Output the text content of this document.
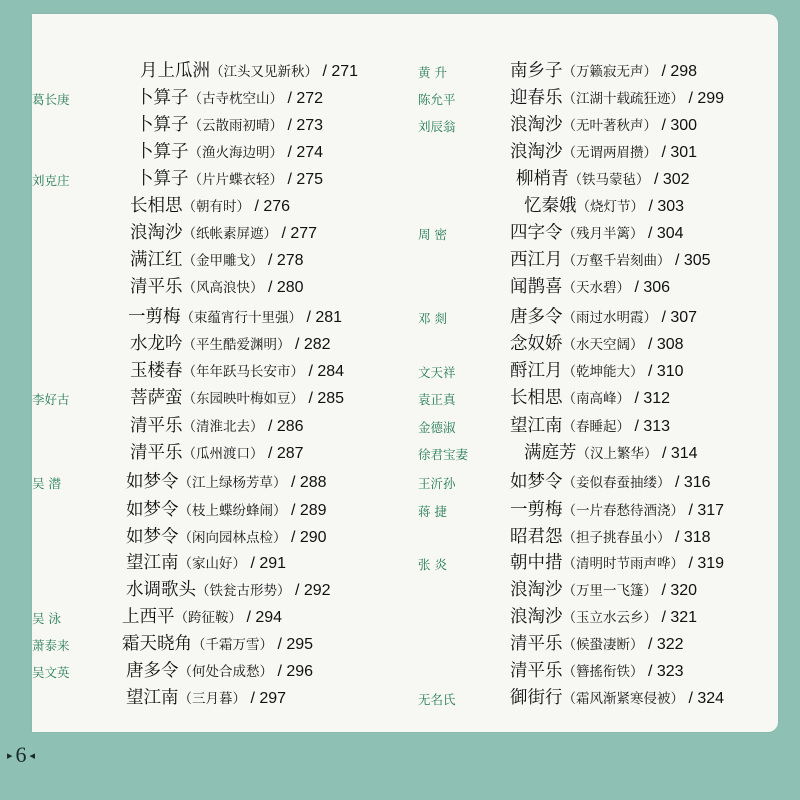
月上瓜洲（江头又见新秋） / 271
葛长庚	卜算子（古寺枕空山） / 272
卜算子（云散雨初晴） / 273
卜算子（渔火海边明） / 274
刘克庄	卜算子（片片蝶衣轻） / 275
长相思（朝有时） / 276
浪淘沙（纸帐素屏遮） / 277
满江红（金甲雕戈） / 278
清平乐（风高浪快） / 280
一剪梅（束蕴宵行十里强） / 281
水龙吟（平生酷爱渊明） / 282
玉楼春（年年跃马长安市） / 284
李好古	菩萨蛮（东园映叶梅如豆） / 285
清平乐（清淮北去） / 286
清平乐（瓜州渡口） / 287
吴潜	如梦令（江上绿杨芳草） / 288
如梦令（枝上蝶纷蜂闹） / 289
如梦令（闲向园林点检） / 290
望江南（家山好） / 291
水调歌头（铁瓮古形势） / 292
吴泳	上西平（跨征鞍） / 294
萧泰来	霜天晓角（千霜万雪） / 295
吴文英	唐多令（何处合成愁） / 296
望江南（三月暮） / 297
黄升	南乡子（万籁寂无声） / 298
陈允平	迎春乐（江湖十载疏狂迹） / 299
刘辰翁	浪淘沙（无叶著秋声） / 300
浪淘沙（无谓两眉攒） / 301
柳梢青（铁马蒙毡） / 302
忆秦娥（烧灯节） / 303
周密	四字令（残月半篱） / 304
西江月（万壑千岩刻曲） / 305
闻鹊喜（天水碧） / 306
邓剡	唐多令（雨过水明霞） / 307
念奴娇（水天空阔） / 308
文天祥	酹江月（乾坤能大） / 310
袁正真	长相思（南高峰） / 312
金德淑	望江南（春睡起） / 313
徐君宝妻	满庭芳（汉上繁华） / 314
王沂孙	如梦令（妾似春蚕抽缕） / 316
蒋捷	一剪梅（一片春愁待酒浇） / 317
昭君怨（担子挑春虽小） / 318
张炎	朝中措（清明时节雨声哗） / 319
浪淘沙（万里一飞篷） / 320
浪淘沙（玉立水云乡） / 321
清平乐（候蛩凄断） / 322
清平乐（簪搖衔铁） / 323
无名氏	御街行（霜风渐紧寒侵被） / 324
▸ 6 ◂
